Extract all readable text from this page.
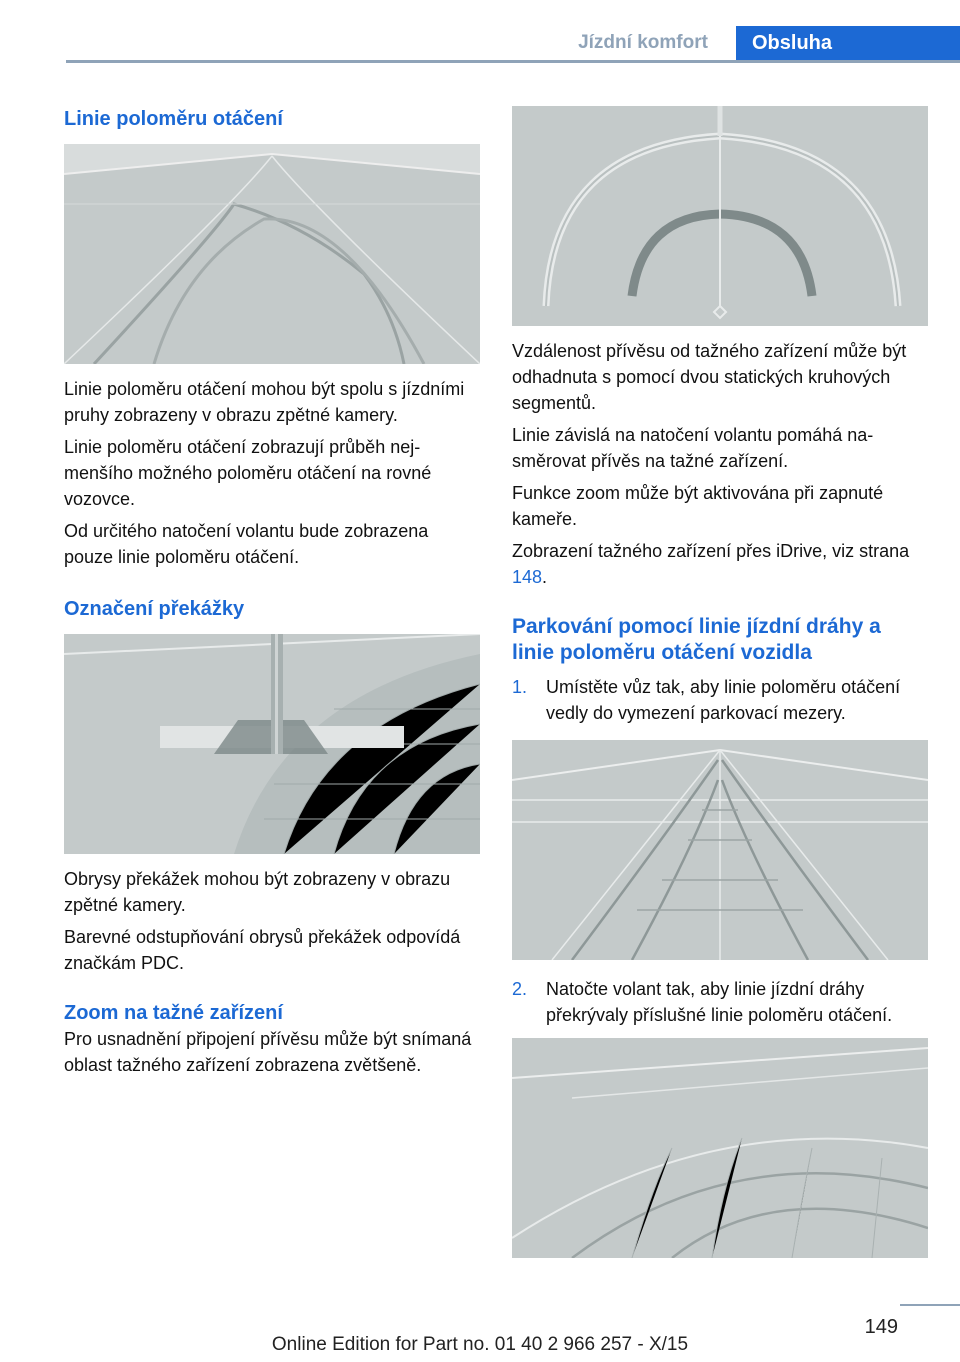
Jízdní komfort	Obsluha
Linie poloměru otáčení

Linie poloměru otáčení mohou být spolu s jízdními pruhy zobrazeny v obrazu zpětné kamery.

Linie poloměru otáčení zobrazují průběh nejmenšího možného poloměru otáčení na rovné vozovce.

Od určitého natočení volantu bude zobrazena pouze linie poloměru otáčení.

Označení překážky

Obrysy překážek mohou být zobrazeny v obrazu zpětné kamery.

Barevné odstupňování obrysů překážek odpovídá značkám PDC.

Zoom na tažné zařízení

Pro usnadnění připojení přívěsu může být snímaná oblast tažného zařízení zobrazena zvětšeně.

Vzdálenost přívěsu od tažného zařízení může být odhadnuta s pomocí dvou statických kruhových segmentů.

Linie závislá na natočení volantu pomáhá nasměrovat přívěs na tažné zařízení.

Funkce zoom může být aktivována při zapnuté kameře.

Zobrazení tažného zařízení přes iDrive, viz strana 148.

Parkování pomocí linie jízdní dráhy a linie poloměru otáčení vozidla
1. Umístěte vůz tak, aby linie poloměru otáčení vedly do vymezení parkovací mezery.
2. Natočte volant tak, aby linie jízdní dráhy překrývaly příslušné linie poloměru otáčení.
149
Online Edition for Part no. 01 40 2 966 257 - X/15
